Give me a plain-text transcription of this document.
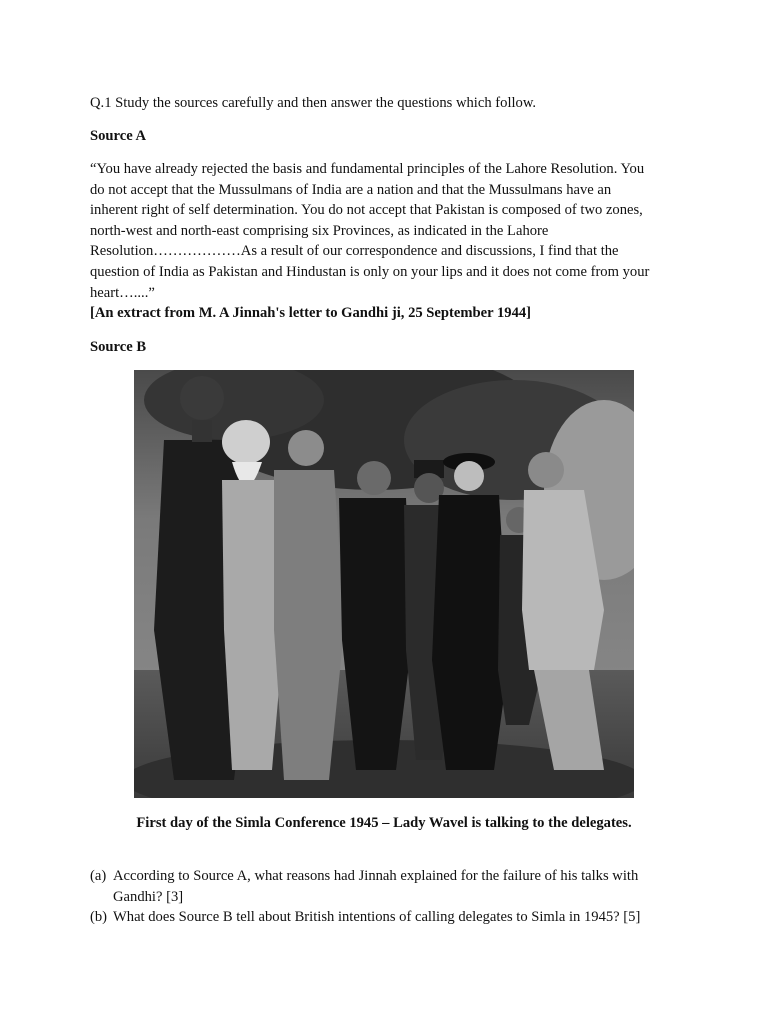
Q.1 Study the sources carefully and then answer the questions which follow.
Source A
“You have already rejected the basis and fundamental principles of the Lahore Resolution. You
do not accept that the Mussulmans of India are a nation and that the Mussulmans have an
inherent right of self determination. You do not accept that Pakistan is composed of two zones,
north-west and north-east comprising six Provinces, as indicated in the Lahore
Resolution………………As a result of our correspondence and discussions, I find that the
question of India as Pakistan and Hindustan is only on your lips and it does not come from your
heart…....”
[An extract from M. A Jinnah's letter to Gandhi ji, 25 September 1944]
Source B
First day of the Simla Conference 1945 – Lady Wavel is talking to the delegates.
(a) According to Source A, what reasons had Jinnah explained for the failure of his talks with
Gandhi? [3]
(b) What does Source B tell about British intentions of calling delegates to Simla in 1945? [5]
